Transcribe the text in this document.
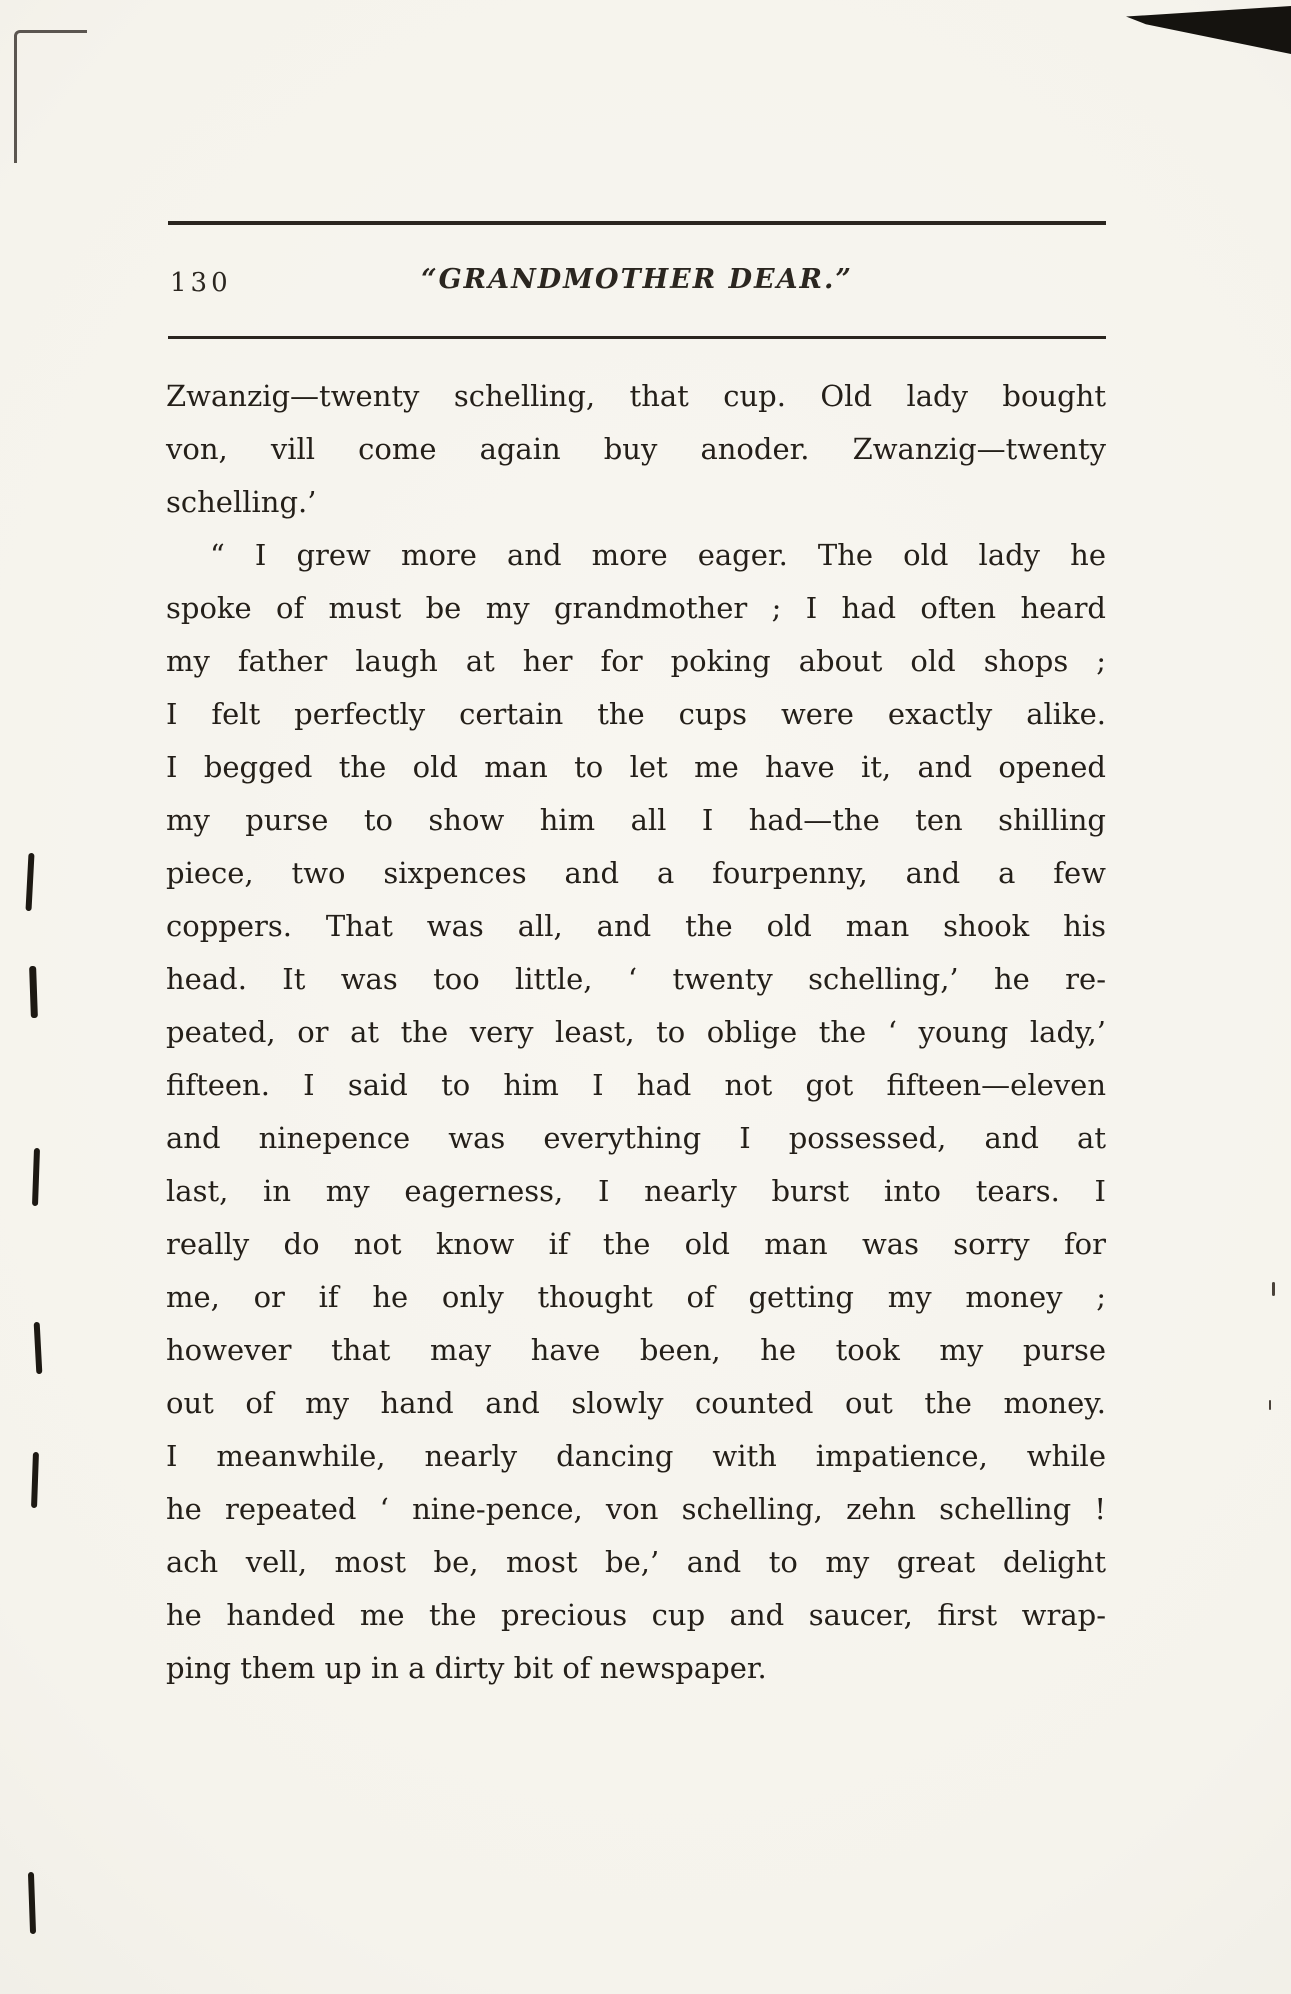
130	“GRANDMOTHER DEAR.”
Zwanzig—twenty schelling, that cup. Old lady bought
von, vill come again buy anoder. Zwanzig—twenty
schelling.’
“ I grew more and more eager. The old lady he
spoke of must be my grandmother ; I had often heard
my father laugh at her for poking about old shops ;
I felt perfectly certain the cups were exactly alike.
I begged the old man to let me have it, and opened
my purse to show him all I had—the ten shilling
piece, two sixpences and a fourpenny, and a few
coppers. That was all, and the old man shook his
head. It was too little, ‘ twenty schelling,’ he re-
peated, or at the very least, to oblige the ‘ young lady,’
fifteen. I said to him I had not got fifteen—eleven
and ninepence was everything I possessed, and at
last, in my eagerness, I nearly burst into tears. I
really do not know if the old man was sorry for
me, or if he only thought of getting my money ;
however that may have been, he took my purse
out of my hand and slowly counted out the money.
I meanwhile, nearly dancing with impatience, while
he repeated ‘ nine-pence, von schelling, zehn schelling !
ach vell, most be, most be,’ and to my great delight
he handed me the precious cup and saucer, first wrap-
ping them up in a dirty bit of newspaper.
